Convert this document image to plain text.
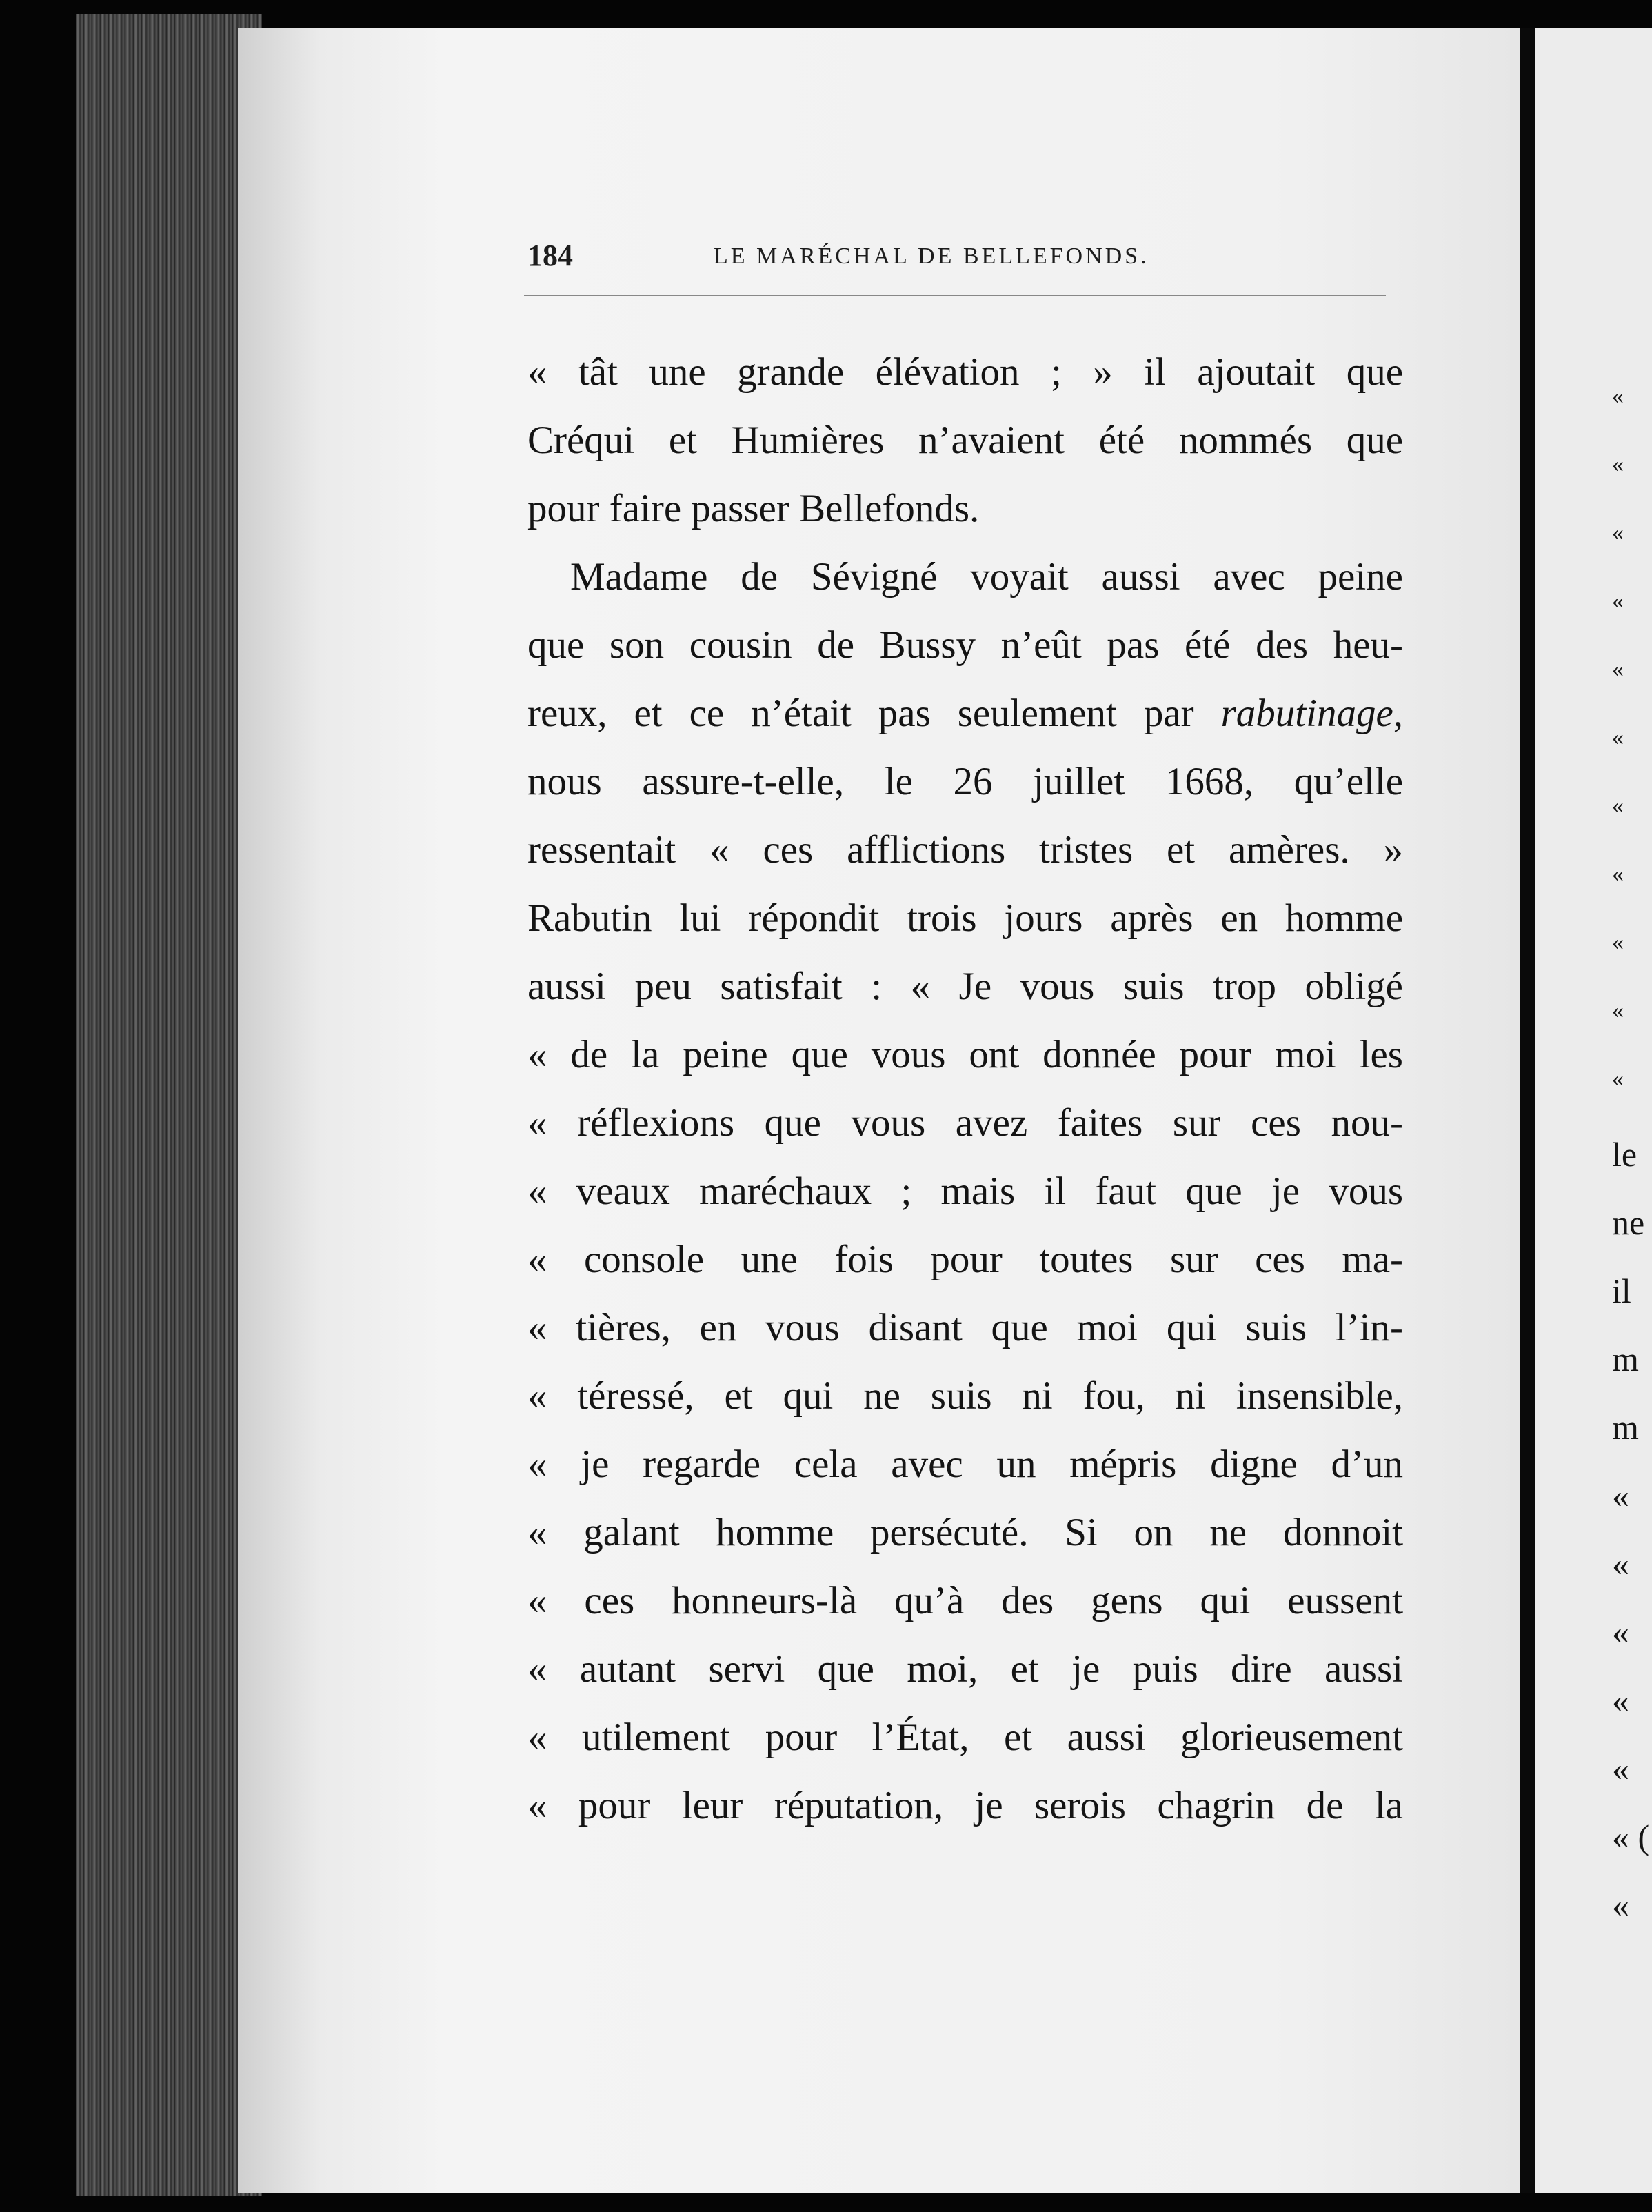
184	LE MARÉCHAL DE BELLEFONDS.
« tât une grande élévation ; » il ajoutait que
Créqui et Humières n’avaient été nommés que
pour faire passer Bellefonds.
Madame de Sévigné voyait aussi avec peine
que son cousin de Bussy n’eût pas été des heu-
reux, et ce n’était pas seulement par rabutinage,
nous assure-t-elle, le 26 juillet 1668, qu’elle
ressentait « ces afflictions tristes et amères. »
Rabutin lui répondit trois jours après en homme
aussi peu satisfait : « Je vous suis trop obligé
« de la peine que vous ont donnée pour moi les
« réflexions que vous avez faites sur ces nou-
« veaux maréchaux ; mais il faut que je vous
« console une fois pour toutes sur ces ma-
« tières, en vous disant que moi qui suis l’in-
« téressé, et qui ne suis ni fou, ni insensible,
« je regarde cela avec un mépris digne d’un
« galant homme persécuté. Si on ne donnoit
« ces honneurs-là qu’à des gens qui eussent
« autant servi que moi, et je puis dire aussi
« utilement pour l’État, et aussi glorieusement
« pour leur réputation, je serois chagrin de la
«
«
«
«
«
«
«
«
«
«
«
le
ne
il
m
m
«
«
«
«
«
« (
«
